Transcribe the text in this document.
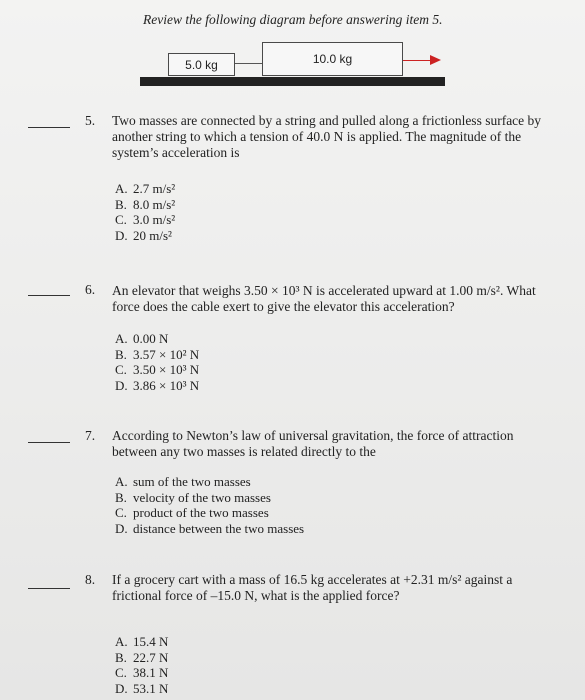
Review the following diagram before answering item 5.
5.0 kg	10.0 kg
5. Two masses are connected by a string and pulled along a frictionless surface by another string to which a tension of 40.0 N is applied. The magnitude of the system’s acceleration is
A. 2.7 m/s²
B. 8.0 m/s²
C. 3.0 m/s²
D. 20 m/s²
6. An elevator that weighs 3.50 × 10³ N is accelerated upward at 1.00 m/s². What force does the cable exert to give the elevator this acceleration?
A. 0.00 N
B. 3.57 × 10² N
C. 3.50 × 10³ N
D. 3.86 × 10³ N
7. According to Newton’s law of universal gravitation, the force of attraction between any two masses is related directly to the
A. sum of the two masses
B. velocity of the two masses
C. product of the two masses
D. distance between the two masses
8. If a grocery cart with a mass of 16.5 kg accelerates at +2.31 m/s² against a frictional force of –15.0 N, what is the applied force?
A. 15.4 N
B. 22.7 N
C. 38.1 N
D. 53.1 N
